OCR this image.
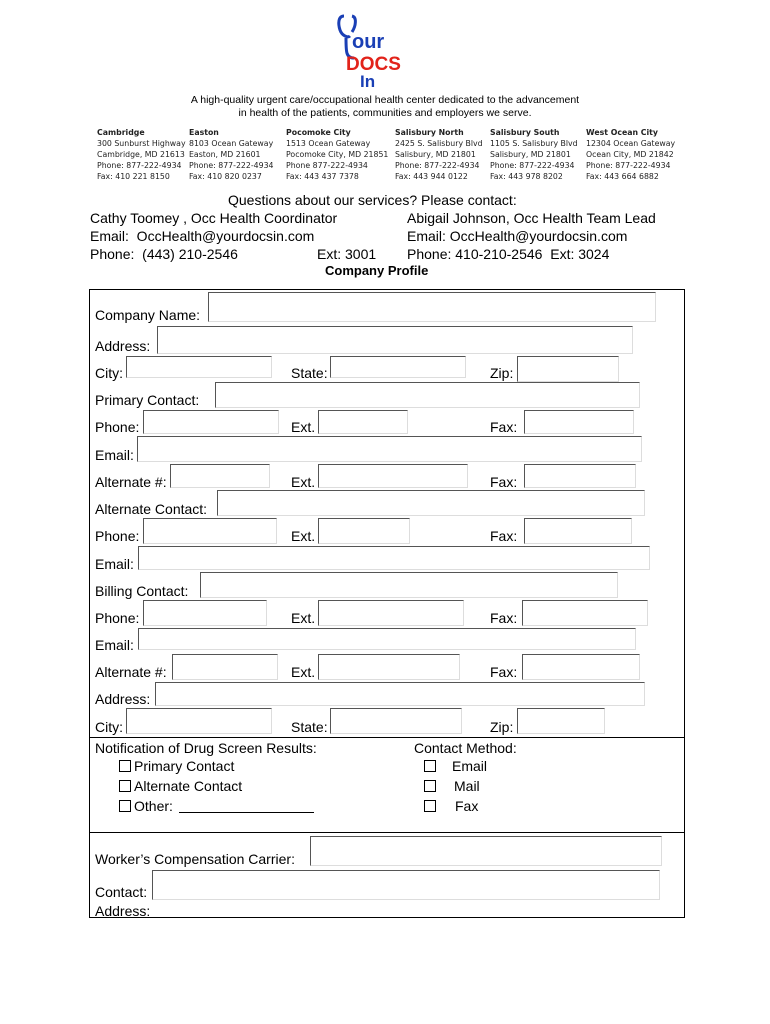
our
DOCS
In
A high-quality urgent care/occupational health center dedicated to the advancement
in health of the patients, communities and employers we serve.
Cambridge
300 Sunburst Highway
Cambridge, MD 21613
Phone: 877-222-4934
Fax: 410 221 8150
Easton
8103 Ocean Gateway
Easton, MD 21601
Phone: 877-222-4934
Fax: 410 820 0237
Pocomoke City
1513 Ocean Gateway
Pocomoke City, MD 21851
Phone 877-222-4934
Fax: 443 437 7378
Salisbury North
2425 S. Salisbury Blvd
Salisbury, MD 21801
Phone: 877-222-4934
Fax: 443 944 0122
Salisbury South
1105 S. Salisbury Blvd
Salisbury, MD 21801
Phone: 877-222-4934
Fax: 443 978 8202
West Ocean City
12304 Ocean Gateway
Ocean City, MD 21842
Phone: 877-222-4934
Fax: 443 664 6882
Questions about our services? Please contact:
Cathy Toomey , Occ Health Coordinator
Email:  OccHealth@yourdocsin.com
Phone:  (443) 210-2546	Ext: 3001
Abigail Johnson, Occ Health Team Lead
Email: OccHealth@yourdocsin.com
Phone: 410-210-2546  Ext: 3024
Company Profile
Company Name:
Address:
City:	State:	Zip:
Primary Contact:
Phone:	Ext.	Fax:
Email:
Alternate #:	Ext.	Fax:
Alternate Contact:
Phone:	Ext.	Fax:
Email:
Billing Contact:
Phone:	Ext.	Fax:
Email:
Alternate #:	Ext.	Fax:
Address:
City:	State:	Zip:
Notification of Drug Screen Results:
Primary Contact
Alternate Contact
Other:
Contact Method:
Email
Mail
Fax
Worker’s Compensation Carrier:
Contact:
Address:
